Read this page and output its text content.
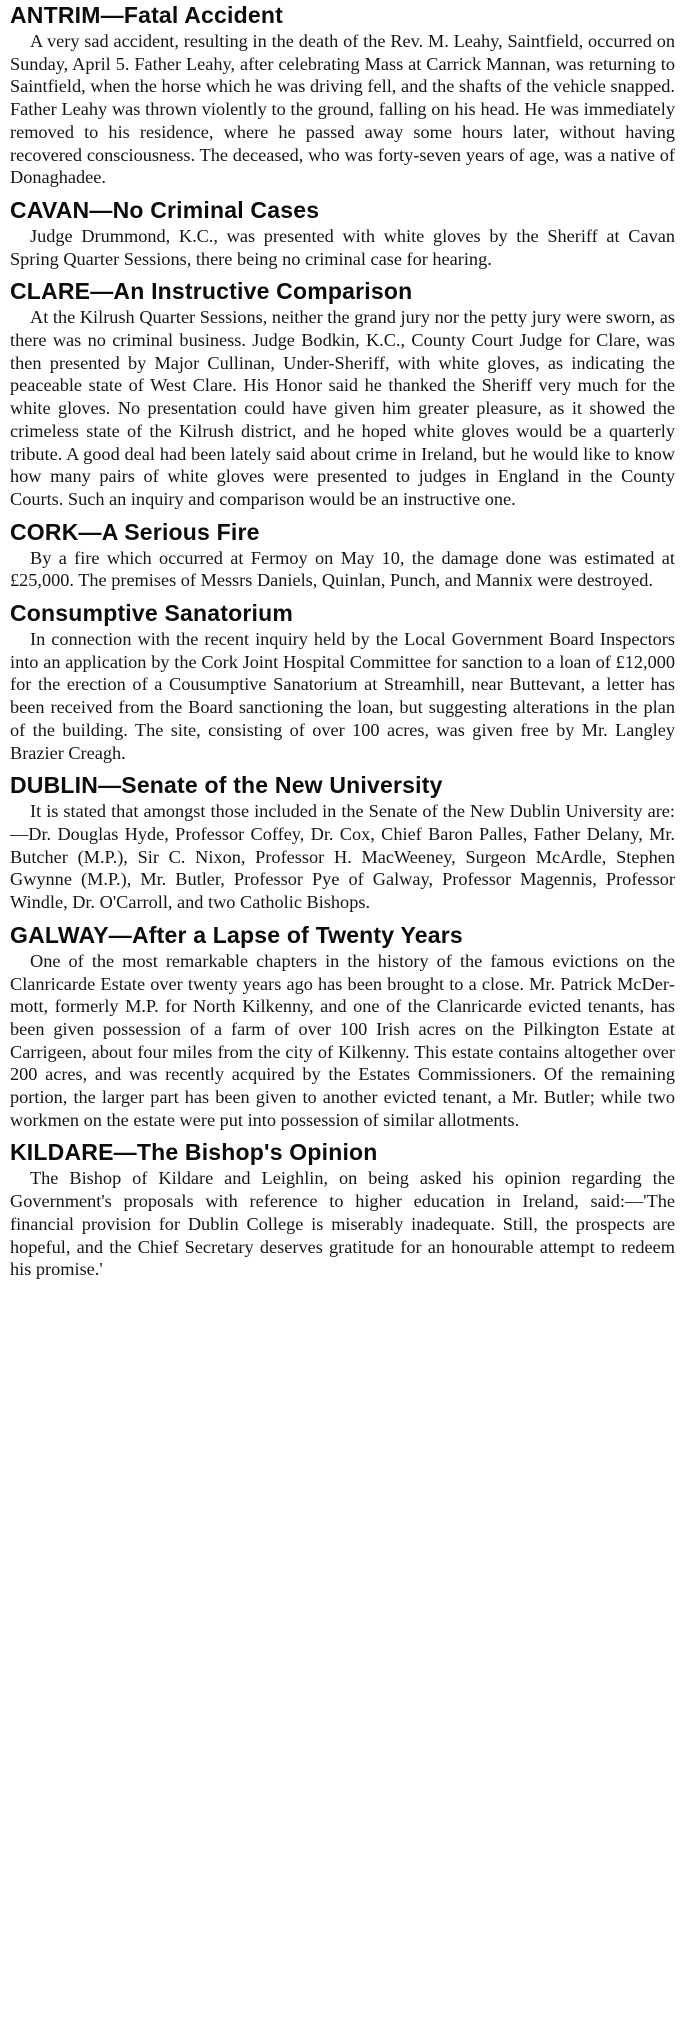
ANTRIM—Fatal Accident

A very sad accident, resulting in the death of the Rev. M. Leahy, Saintfield, occurred on Sunday, April 5. Father Leahy, after celebrating Mass at Carrick Mannan, was returning to Saintfield, when the horse which he was driving fell, and the shafts of the vehicle snapped. Father Leahy was thrown violently to the ground, falling on his head. He was immediately removed to his residence, where he passed away some hours later, without having recovered consciousness. The deceased, who was forty-seven years of age, was a native of Donaghadee.

CAVAN—No Criminal Cases

Judge Drummond, K.C., was presented with white gloves by the Sheriff at Cavan Spring Quarter Sessions, there being no criminal case for hearing.

CLARE—An Instructive Comparison

At the Kilrush Quarter Sessions, neither the grand jury nor the petty jury were sworn, as there was no criminal business. Judge Bodkin, K.C., County Court Judge for Clare, was then presented by Major Cullinan, Under-Sheriff, with white gloves, as indicating the peaceable state of West Clare. His Honor said he thanked the Sheriff very much for the white gloves. No presentation could have given him greater pleasure, as it showed the crimeless state of the Kilrush district, and he hoped white gloves would be a quarterly tribute. A good deal had been lately said about crime in Ireland, but he would like to know how many pairs of white gloves were presented to judges in England in the County Courts. Such an inquiry and comparison would be an instructive one.

CORK—A Serious Fire

By a fire which occurred at Fermoy on May 10, the damage done was estimated at £25,000. The premises of Messrs Daniels, Quinlan, Punch, and Mannix were destroyed.

Consumptive Sanatorium

In connection with the recent inquiry held by the Local Government Board Inspectors into an application by the Cork Joint Hospital Committee for sanction to a loan of £12,000 for the erection of a Cousumptive Sanatorium at Streamhill, near Buttevant, a letter has been received from the Board sanctioning the loan, but suggesting alterations in the plan of the building. The site, consisting of over 100 acres, was given free by Mr. Langley Brazier Creagh.

DUBLIN—Senate of the New University

It is stated that amongst those included in the Senate of the New Dublin University are:—Dr. Douglas Hyde, Professor Coffey, Dr. Cox, Chief Baron Palles, Father Delany, Mr. Butcher (M.P.), Sir C. Nixon, Professor H. MacWeeney, Surgeon McArdle, Stephen Gwynne (M.P.), Mr. Butler, Professor Pye of Galway, Professor Magennis, Professor Windle, Dr. O'Carroll, and two Catholic Bishops.

GALWAY—After a Lapse of Twenty Years

One of the most remarkable chapters in the history of the famous evictions on the Clanricarde Estate over twenty years ago has been brought to a close. Mr. Patrick McDermott, formerly M.P. for North Kilkenny, and one of the Clanricarde evicted tenants, has been given possession of a farm of over 100 Irish acres on the Pilkington Estate at Carrigeen, about four miles from the city of Kilkenny. This estate contains altogether over 200 acres, and was recently acquired by the Estates Commissioners. Of the remaining portion, the larger part has been given to another evicted tenant, a Mr. Butler; while two workmen on the estate were put into possession of similar allotments.

KILDARE—The Bishop's Opinion

The Bishop of Kildare and Leighlin, on being asked his opinion regarding the Government's proposals with reference to higher education in Ireland, said:—'The financial provision for Dublin College is miserably inadequate. Still, the prospects are hopeful, and the Chief Secretary deserves gratitude for an honourable attempt to redeem his promise.'
